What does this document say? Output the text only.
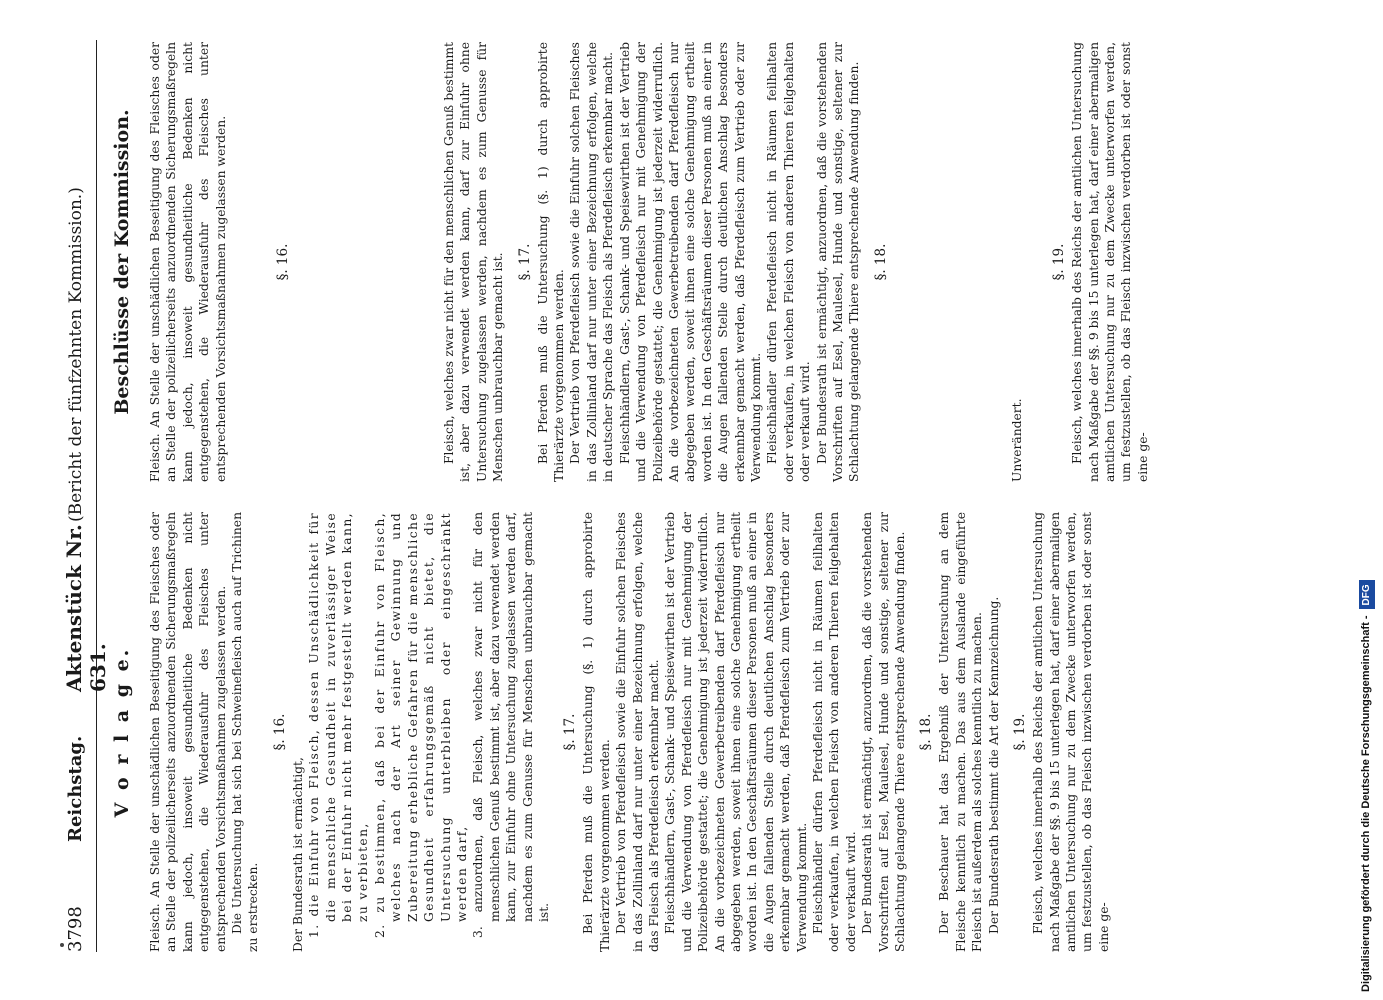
3798
Reichstag.
Aktenstück Nr. 631.
(Bericht der fünfzehnten Kommission.)
V o r l a g e.	Fleisch. An Stelle der unschädlichen Beseitigung des Fleisches oder an Stelle der polizeilicherseits anzuordnenden Sicherungsmaßregeln kann jedoch, insoweit gesundheitliche Bedenken nicht entgegenstehen, die Wiederausfuhr des Fleisches unter entsprechenden Vorsichtsmaßnahmen zugelassen werden. Die Untersuchung hat sich bei Schweinefleisch auch auf Trichinen zu erstrecken.

§. 16.

Der Bundesrath ist ermächtigt, 1. die Einfuhr von Fleisch, dessen Unschädlichkeit für die menschliche Gesundheit in zuverlässiger Weise bei der Einfuhr nicht mehr festgestellt werden kann, zu verbieten, 2. zu bestimmen, daß bei der Einfuhr von Fleisch, welches nach der Art seiner Gewinnung und Zubereitung erhebliche Gefahren für die menschliche Gesundheit erfahrungsgemäß nicht bietet, die Untersuchung unterbleiben oder eingeschränkt werden darf, 3. anzuordnen, daß Fleisch, welches zwar nicht für den menschlichen Genuß bestimmt ist, aber dazu verwendet werden kann, zur Einfuhr ohne Untersuchung zugelassen werden darf, nachdem es zum Genusse für Menschen unbrauchbar gemacht ist.

§. 17. Bei Pferden muß die Untersuchung (§. 1) durch approbirte Thierärzte vorgenommen werden. Der Vertrieb von Pferdefleisch sowie die Einfuhr solchen Fleisches in das Zollinland darf nur unter einer Bezeichnung erfolgen, welche das Fleisch als Pferdefleisch erkennbar macht. Fleischhändlern, Gast-, Schank- und Speisewirthen ist der Vertrieb und die Verwendung von Pferdefleisch nur mit Genehmigung der Polizeibehörde gestattet; die Genehmigung ist jederzeit widerruflich. An die vorbezeichneten Gewerbetreibenden darf Pferdefleisch nur abgegeben werden, soweit ihnen eine solche Genehmigung ertheilt worden ist. In den Geschäftsräumen dieser Personen muß an einer in die Augen fallenden Stelle durch deutlichen Anschlag besonders erkennbar gemacht werden, daß Pferdefleisch zum Vertrieb oder zur Verwendung kommt. Fleischhändler dürfen Pferdefleisch nicht in Räumen feilhalten oder verkaufen, in welchen Fleisch von anderen Thieren feilgehalten oder verkauft wird. Der Bundesrath ist ermächtigt, anzuordnen, daß die vorstehenden Vorschriften auf Esel, Maulesel, Hunde und sonstige, seltener zur Schlachtung gelangende Thiere entsprechende Anwendung finden. §. 18. Der Beschauer hat das Ergebniß der Untersuchung an dem Fleische kenntlich zu machen. Das aus dem Auslande eingeführte Fleisch ist außerdem als solches kenntlich zu machen. Der Bundesrath bestimmt die Art der Kennzeichnung. §. 19. Fleisch, welches innerhalb des Reichs der amtlichen Untersuchung nach Maßgabe der §§. 9 bis 15 unterlegen hat, darf einer abermaligen amtlichen Untersuchung nur zu dem Zwecke unterworfen werden, um festzustellen, ob das Fleisch inzwischen verdorben ist oder sonst eine ge-

Beschlüsse der Kommission.	Fleisch. An Stelle der unschädlichen Beseitigung des Fleisches oder an Stelle der polizeilicherseits anzuordnenden Sicherungsmaßregeln kann jedoch, insoweit gesundheitliche Bedenken nicht entgegenstehen, die Wiederausfuhr des Fleisches unter entsprechenden Vorsichtsmaßnahmen zugelassen werden.	§. 16.	Fleisch, welches zwar nicht für den menschlichen Genuß bestimmt ist, aber dazu verwendet werden kann, darf zur Einfuhr ohne Untersuchung zugelassen werden, nachdem es zum Genusse für Menschen unbrauchbar gemacht ist. §. 17. Bei Pferden muß die Untersuchung (§. 1) durch approbirte Thierärzte vorgenommen werden. Der Vertrieb von Pferdefleisch sowie die Einfuhr solchen Fleisches in das Zollinland darf nur unter einer Bezeichnung erfolgen, welche in deutscher Sprache das Fleisch als Pferdefleisch erkennbar macht. Fleischhändlern, Gast-, Schank- und Speisewirthen ist der Vertrieb und die Verwendung von Pferdefleisch nur mit Genehmigung der Polizeibehörde gestattet; die Genehmigung ist jederzeit widerruflich. An die vorbezeichneten Gewerbetreibenden darf Pferdefleisch nur abgegeben werden, soweit ihnen eine solche Genehmigung ertheilt worden ist. In den Geschäftsräumen dieser Personen muß an einer in die Augen fallenden Stelle durch deutlichen Anschlag besonders erkennbar gemacht werden, daß Pferdefleisch zum Vertrieb oder zur Verwendung kommt. Fleischhändler dürfen Pferdefleisch nicht in Räumen feilhalten oder verkaufen, in welchen Fleisch von anderen Thieren feilgehalten oder verkauft wird. Der Bundesrath ist ermächtigt, anzuordnen, daß die vorstehenden Vorschriften auf Esel, Maulesel, Hunde und sonstige, seltener zur Schlachtung gelangende Thiere entsprechende Anwendung finden. §. 18.

Unverändert.

§. 19. Fleisch, welches innerhalb des Reichs der amtlichen Untersuchung nach Maßgabe der §§. 9 bis 15 unterlegen hat, darf einer abermaligen amtlichen Untersuchung nur zu dem Zwecke unterworfen werden, um festzustellen, ob das Fleisch inzwischen verdorben ist oder sonst eine ge-

Digitalisierung gefördert durch die Deutsche Forschungsgemeinschaft -DFG
